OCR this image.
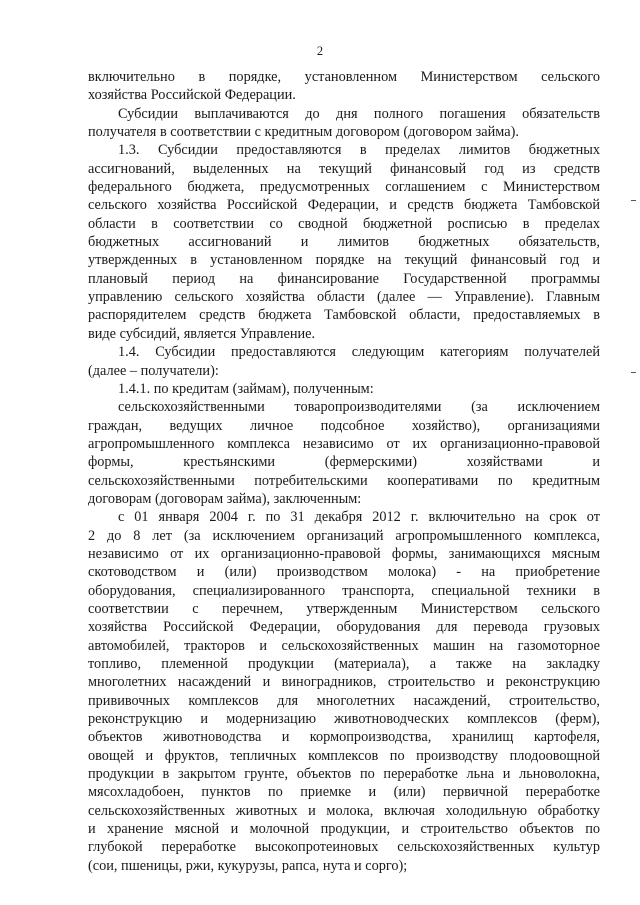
2
включительно в порядке, установленном Министерством сельского
хозяйства Российской Федерации.
Субсидии выплачиваются до дня полного погашения обязательств
получателя в соответствии с кредитным договором (договором займа).
1.3. Субсидии предоставляются в пределах лимитов бюджетных
ассигнований, выделенных на текущий финансовый год из средств
федерального бюджета, предусмотренных соглашением с Министерством
сельского хозяйства Российской Федерации, и средств бюджета Тамбовской
области в соответствии со сводной бюджетной росписью в пределах
бюджетных ассигнований и лимитов бюджетных обязательств,
утвержденных в установленном порядке на текущий финансовый год и
плановый период на финансирование Государственной программы
управлению сельского хозяйства области (далее — Управление). Главным
распорядителем средств бюджета Тамбовской области, предоставляемых в
виде субсидий, является Управление.
1.4. Субсидии предоставляются следующим категориям получателей
(далее – получатели):
1.4.1. по кредитам (займам), полученным:
сельскохозяйственными товаропроизводителями (за исключением
граждан, ведущих личное подсобное хозяйство), организациями
агропромышленного комплекса независимо от их организационно-правовой
формы, крестьянскими (фермерскими) хозяйствами и
сельскохозяйственными потребительскими кооперативами по кредитным
договорам (договорам займа), заключенным:
с 01 января 2004 г. по 31 декабря 2012 г. включительно на срок от
2 до 8 лет (за исключением организаций агропромышленного комплекса,
независимо от их организационно-правовой формы, занимающихся мясным
скотоводством и (или) производством молока) - на приобретение
оборудования, специализированного транспорта, специальной техники в
соответствии с перечнем, утвержденным Министерством сельского
хозяйства Российской Федерации, оборудования для перевода грузовых
автомобилей, тракторов и сельскохозяйственных машин на газомоторное
топливо, племенной продукции (материала), а также на закладку
многолетних насаждений и виноградников, строительство и реконструкцию
прививочных комплексов для многолетних насаждений, строительство,
реконструкцию и модернизацию животноводческих комплексов (ферм),
объектов животноводства и кормопроизводства, хранилищ картофеля,
овощей и фруктов, тепличных комплексов по производству плодоовощной
продукции в закрытом грунте, объектов по переработке льна и льноволокна,
мясохладобоен, пунктов по приемке и (или) первичной переработке
сельскохозяйственных животных и молока, включая холодильную обработку
и хранение мясной и молочной продукции, и строительство объектов по
глубокой переработке высокопротеиновых сельскохозяйственных культур
(сои, пшеницы, ржи, кукурузы, рапса, нута и сорго);
